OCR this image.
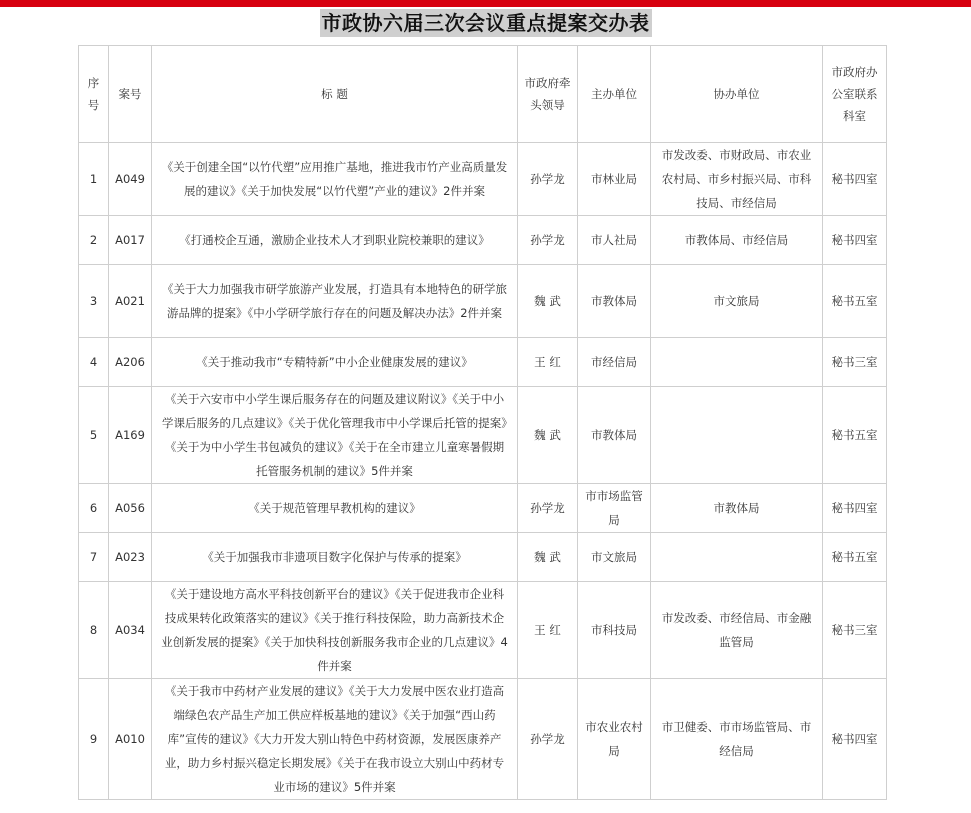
市政协六届三次会议重点提案交办表
序号	案号	标 题	市政府牵头领导	主办单位	协办单位	市政府办公室联系科室
1	A049	《关于创建全国“以竹代塑”应用推广基地，推进我市竹产业高质量发展的建议》《关于加快发展“以竹代塑”产业的建议》2件并案	孙学龙	市林业局	市发改委、市财政局、市农业农村局、市乡村振兴局、市科技局、市经信局	秘书四室
2	A017	《打通校企互通，激励企业技术人才到职业院校兼职的建议》	孙学龙	市人社局	市教体局、市经信局	秘书四室
3	A021	《关于大力加强我市研学旅游产业发展，打造具有本地特色的研学旅游品牌的提案》《中小学研学旅行存在的问题及解决办法》2件并案	魏 武	市教体局	市文旅局	秘书五室
4	A206	《关于推动我市“专精特新”中小企业健康发展的建议》	王 红	市经信局		秘书三室
5	A169	《关于六安市中小学生课后服务存在的问题及建议附议》《关于中小学课后服务的几点建议》《关于优化管理我市中小学课后托管的提案》《关于为中小学生书包减负的建议》《关于在全市建立儿童寒暑假期托管服务机制的建议》5件并案	魏 武	市教体局		秘书五室
6	A056	《关于规范管理早教机构的建议》	孙学龙	市市场监管局	市教体局	秘书四室
7	A023	《关于加强我市非遗项目数字化保护与传承的提案》	魏 武	市文旅局		秘书五室
8	A034	《关于建设地方高水平科技创新平台的建议》《关于促进我市企业科技成果转化政策落实的建议》《关于推行科技保险，助力高新技术企业创新发展的提案》《关于加快科技创新服务我市企业的几点建议》4件并案	王 红	市科技局	市发改委、市经信局、市金融监管局	秘书三室
9	A010	《关于我市中药材产业发展的建议》《关于大力发展中医农业打造高端绿色农产品生产加工供应样板基地的建议》《关于加强“西山药库”宣传的建议》《大力开发大别山特色中药材资源，发展医康养产业，助力乡村振兴稳定长期发展》《关于在我市设立大别山中药材专业市场的建议》5件并案	孙学龙	市农业农村局	市卫健委、市市场监管局、市经信局	秘书四室
